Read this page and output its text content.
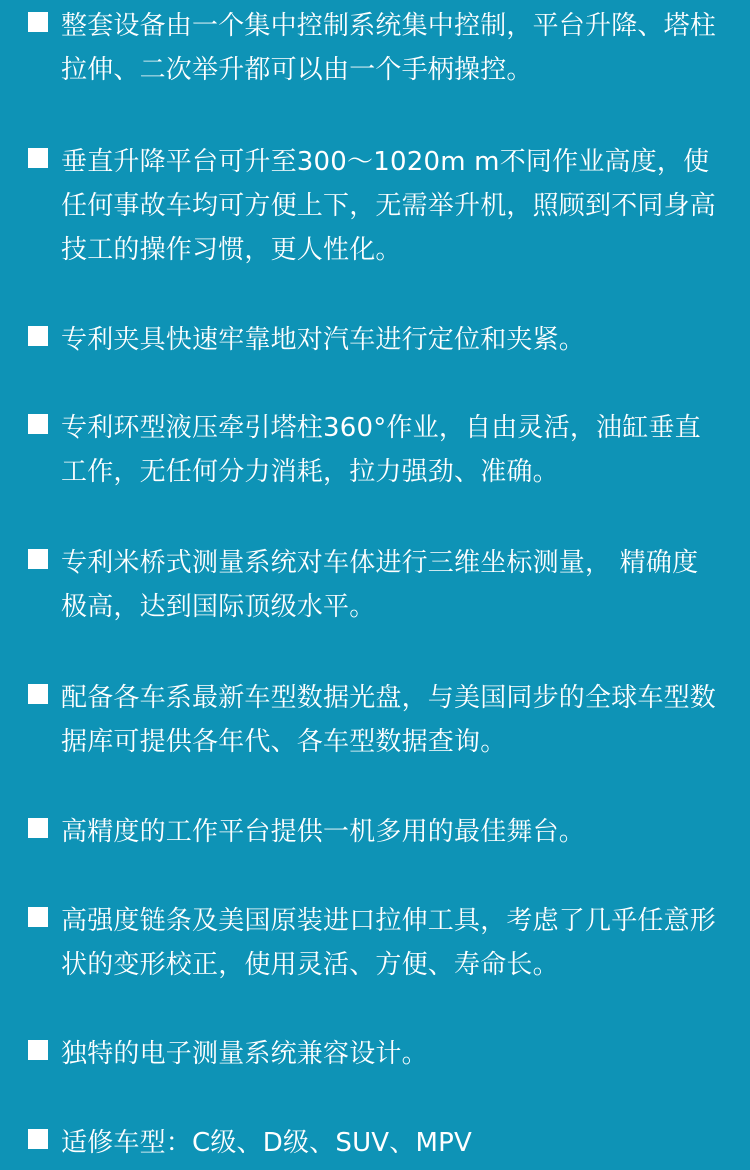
整套设备由一个集中控制系统集中控制，平台升降、塔柱拉伸、二次举升都可以由一个手柄操控。
垂直升降平台可升至300～1020m m不同作业高度，使任何事故车均可方便上下，无需举升机，照顾到不同身高技工的操作习惯，更人性化。
专利夹具快速牢靠地对汽车进行定位和夹紧。
专利环型液压牵引塔柱360°作业，自由灵活，油缸垂直工作，无任何分力消耗，拉力强劲、准确。
专利米桥式测量系统对车体进行三维坐标测量， 精确度极高，达到国际顶级水平。
配备各车系最新车型数据光盘，与美国同步的全球车型数据库可提供各年代、各车型数据查询。
高精度的工作平台提供一机多用的最佳舞台。
高强度链条及美国原装进口拉伸工具，考虑了几乎任意形状的变形校正，使用灵活、方便、寿命长。
独特的电子测量系统兼容设计。
适修车型：C级、D级、SUV、MPV
